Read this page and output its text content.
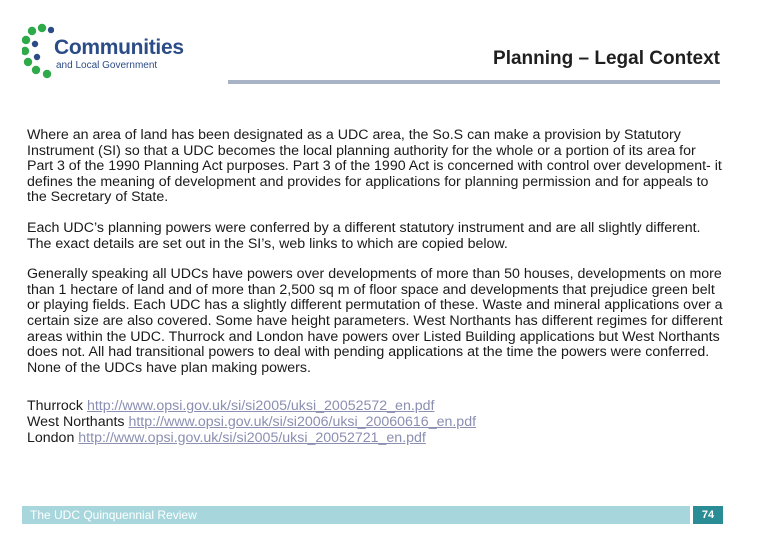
Communities
and Local Government	Planning – Legal Context

Where an area of land has been designated as a UDC area, the So.S can make a provision by Statutory Instrument (SI) so that a UDC becomes the local planning authority for the whole or a portion of its area for Part 3 of the 1990 Planning Act purposes. Part 3 of the 1990 Act is concerned with control over development- it defines the meaning of development and provides for applications for planning permission and for appeals to the Secretary of State.

Each UDC’s planning powers were conferred by a different statutory instrument and are all slightly different. The exact details are set out in the SI’s, web links to which are copied below.

Generally speaking all UDCs have powers over developments of more than 50 houses, developments on more than 1 hectare of land and of more than 2,500 sq m of floor space and developments that prejudice green belt or playing fields. Each UDC has a slightly different permutation of these. Waste and mineral applications over a certain size are also covered. Some have height parameters. West Northants has different regimes for different areas within the UDC. Thurrock and London have powers over Listed Building applications but West Northants does not. All had transitional powers to deal with pending applications at the time the powers were conferred. None of the UDCs have plan making powers.

Thurrock http://www.opsi.gov.uk/si/si2005/uksi_20052572_en.pdf
West Northants http://www.opsi.gov.uk/si/si2006/uksi_20060616_en.pdf
London http://www.opsi.gov.uk/si/si2005/uksi_20052721_en.pdf
The UDC Quinquennial Review	74
